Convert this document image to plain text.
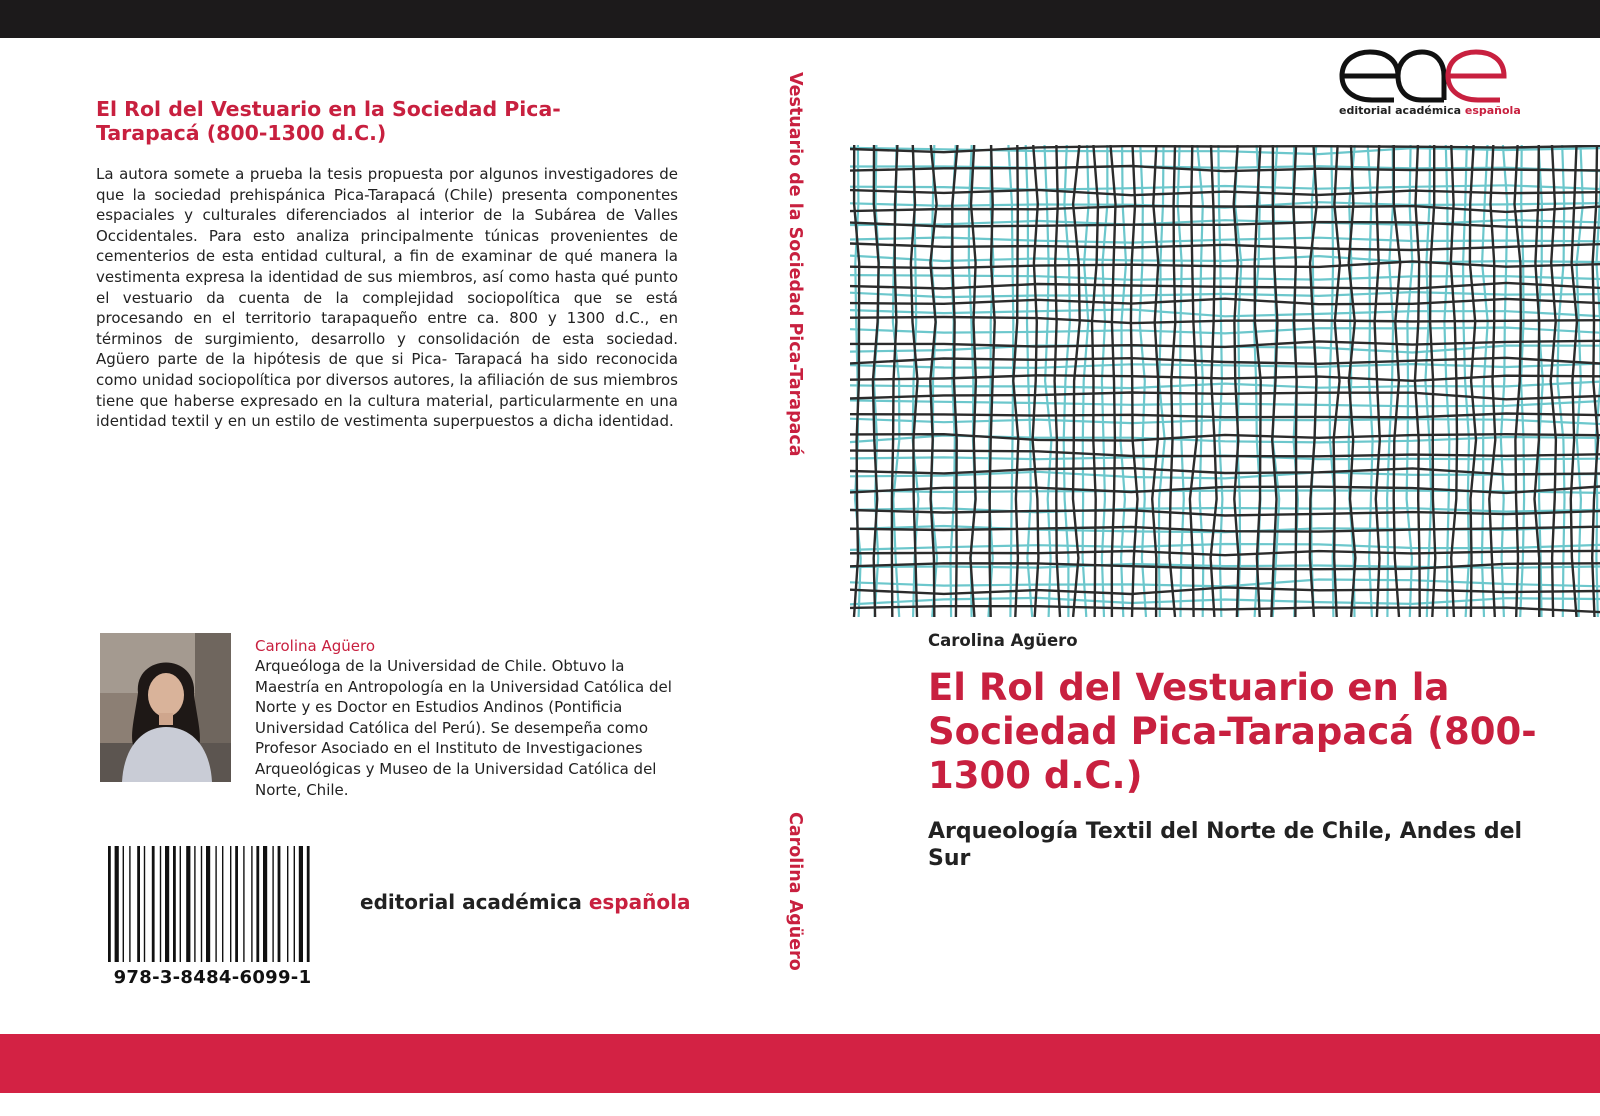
El Rol del Vestuario en la Sociedad Pica-Tarapacá (800-1300 d.C.)

La autora somete a prueba la tesis propuesta por algunos investigadores de que la sociedad prehispánica Pica-Tarapacá (Chile) presenta componentes espaciales y culturales diferenciados al interior de la Subárea de Valles Occidentales. Para esto analiza principalmente túnicas provenientes de cementerios de esta entidad cultural, a fin de examinar de qué manera la vestimenta expresa la identidad de sus miembros, así como hasta qué punto el vestuario da cuenta de la complejidad sociopolítica que se está procesando en el territorio tarapaqueño entre ca. 800 y 1300 d.C., en términos de surgimiento, desarrollo y consolidación de esta sociedad. Agüero parte de la hipótesis de que si Pica- Tarapacá ha sido reconocida como unidad sociopolítica por diversos autores, la afiliación de sus miembros tiene que haberse expresado en la cultura material, particularmente en una identidad textil y en un estilo de vestimenta superpuestos a dicha identidad.

Carolina Agüero

Arqueóloga de la Universidad de Chile. Obtuvo la Maestría en Antropología en la Universidad Católica del Norte y es Doctor en Estudios Andinos (Pontificia Universidad Católica del Perú). Se desempeña como Profesor Asociado en el Instituto de Investigaciones Arqueológicas y Museo de la Universidad Católica del Norte, Chile.

978-3-8484-6099-1
editorial académica española
Vestuario de la Sociedad Pica-Tarapacá
Carolina Agüero
editorial académica española

Carolina Agüero

El Rol del Vestuario en la Sociedad Pica-Tarapacá (800-1300 d.C.)
Arqueología Textil del Norte de Chile, Andes del Sur
